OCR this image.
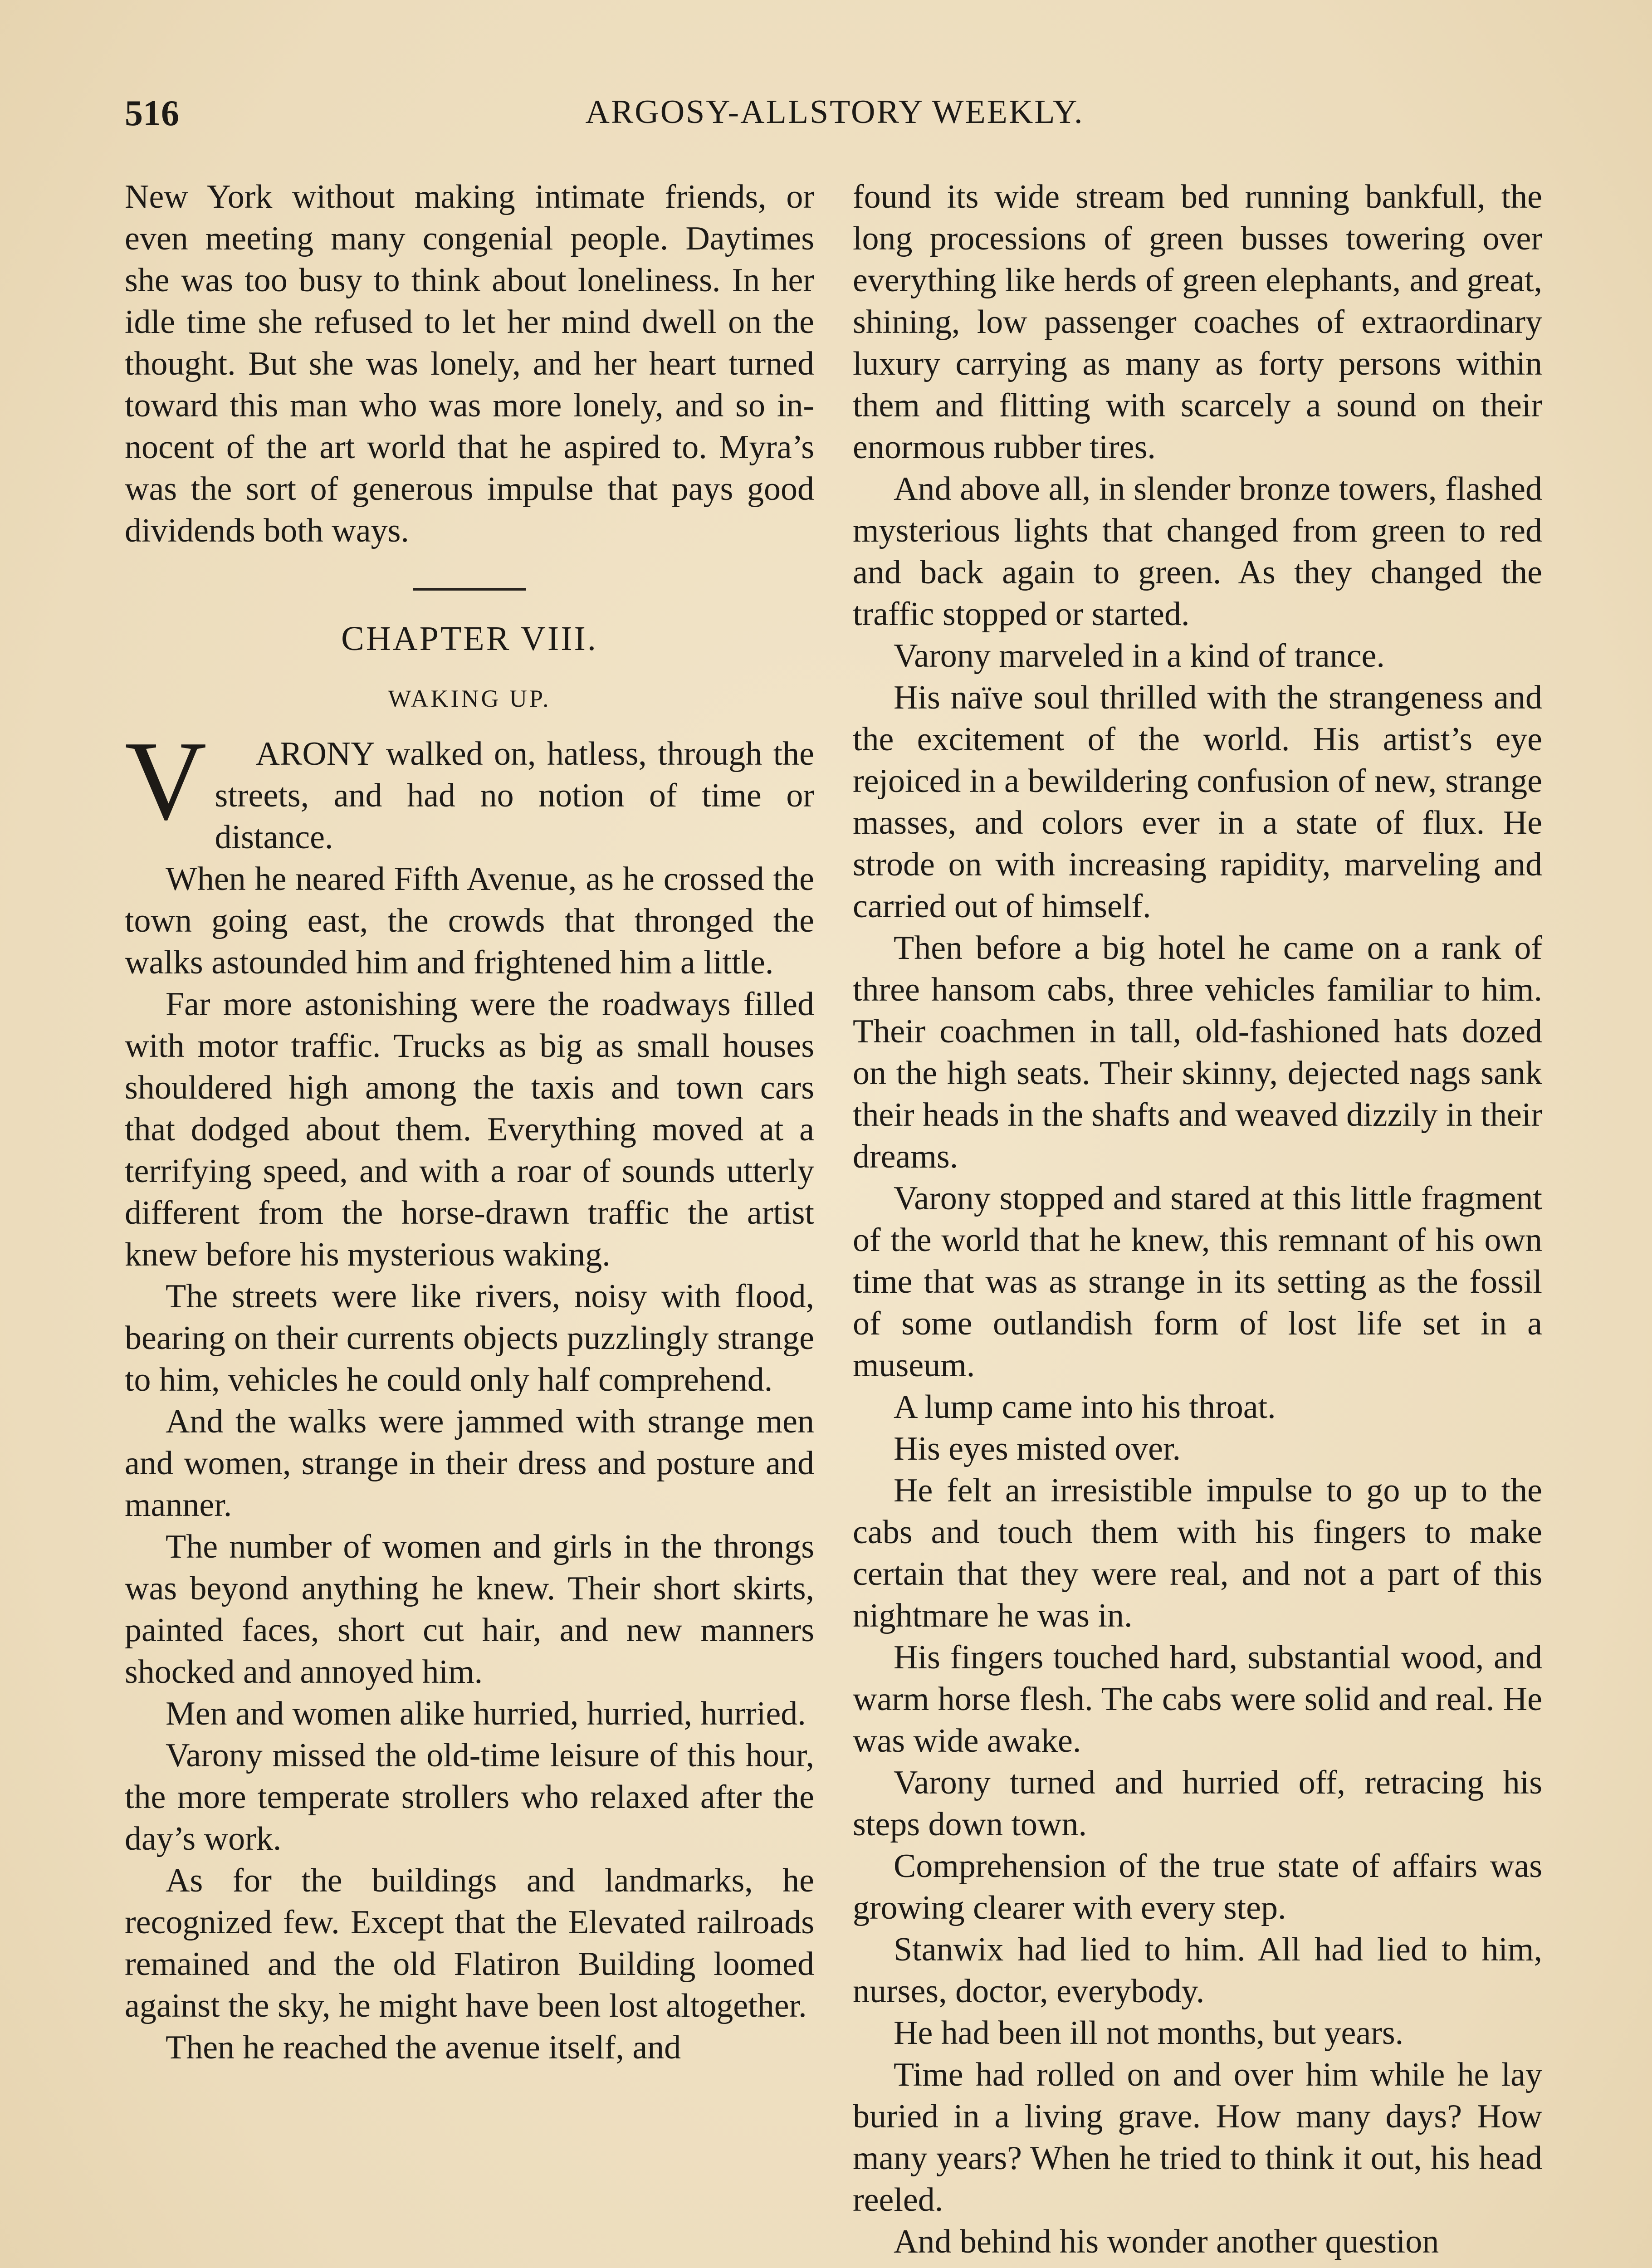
516	ARGOSY-ALLSTORY WEEKLY.

New York without making intimate friends, or even meeting many congenial people. Daytimes she was too busy to think about loneliness. In her idle time she refused to let her mind dwell on the thought. But she was lonely, and her heart turned toward this man who was more lonely, and so innocent of the art world that he aspired to. Myra’s was the sort of generous impulse that pays good dividends both ways.

CHAPTER VIII.
WAKING UP.
V	ARONY walked on, hatless, through the streets, and had no notion of time or distance.

When he neared Fifth Avenue, as he crossed the town going east, the crowds that thronged the walks astounded him and frightened him a little.

Far more astonishing were the roadways filled with motor traffic. Trucks as big as small houses shouldered high among the taxis and town cars that dodged about them. Everything moved at a terrifying speed, and with a roar of sounds utterly different from the horse-drawn traffic the artist knew before his mysterious waking.

The streets were like rivers, noisy with flood, bearing on their currents objects puzzlingly strange to him, vehicles he could only half comprehend.

And the walks were jammed with strange men and women, strange in their dress and posture and manner.

The number of women and girls in the throngs was beyond anything he knew. Their short skirts, painted faces, short cut hair, and new manners shocked and annoyed him.

Men and women alike hurried, hurried, hurried.

Varony missed the old-time leisure of this hour, the more temperate strollers who relaxed after the day’s work.

As for the buildings and landmarks, he recognized few. Except that the Elevated railroads remained and the old Flatiron Building loomed against the sky, he might have been lost altogether.

Then he reached the avenue itself, and

found its wide stream bed running bankfull, the long processions of green busses towering over everything like herds of green elephants, and great, shining, low passenger coaches of extraordinary luxury carrying as many as forty persons within them and flitting with scarcely a sound on their enormous rubber tires.

And above all, in slender bronze towers, flashed mysterious lights that changed from green to red and back again to green. As they changed the traffic stopped or started.

Varony marveled in a kind of trance.

His naïve soul thrilled with the strangeness and the excitement of the world. His artist’s eye rejoiced in a bewildering confusion of new, strange masses, and colors ever in a state of flux. He strode on with increasing rapidity, marveling and carried out of himself.

Then before a big hotel he came on a rank of three hansom cabs, three vehicles familiar to him. Their coachmen in tall, old-fashioned hats dozed on the high seats. Their skinny, dejected nags sank their heads in the shafts and weaved dizzily in their dreams.

Varony stopped and stared at this little fragment of the world that he knew, this remnant of his own time that was as strange in its setting as the fossil of some outlandish form of lost life set in a museum.

A lump came into his throat.

His eyes misted over.

He felt an irresistible impulse to go up to the cabs and touch them with his fingers to make certain that they were real, and not a part of this nightmare he was in.

His fingers touched hard, substantial wood, and warm horse flesh. The cabs were solid and real. He was wide awake.

Varony turned and hurried off, retracing his steps down town.

Comprehension of the true state of affairs was growing clearer with every step.

Stanwix had lied to him. All had lied to him, nurses, doctor, everybody.

He had been ill not months, but years.

Time had rolled on and over him while he lay buried in a living grave. How many days? How many years? When he tried to think it out, his head reeled.

And behind his wonder another question
